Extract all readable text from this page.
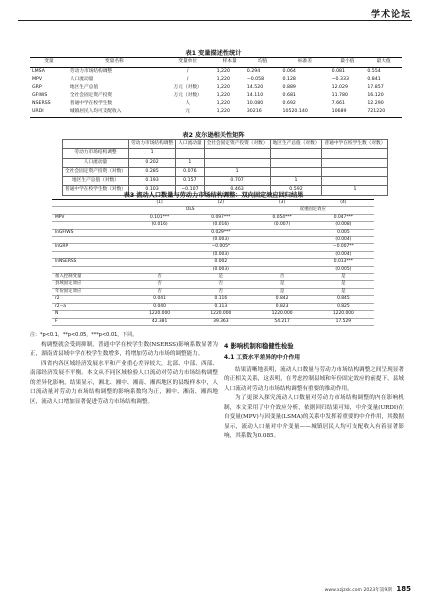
学术论坛
表1 变量描述性统计
变量	变量名称	变量单位	样本量	均值	标准差	最小值	最大值
LMSA	劳动力市场结构调整	/	1,220	0.294	0.064	0.081	0.554
MPV	人口流动量	/	1,220	−0.058	0.128	−0.333	0.841
GRP	地区生产总值	万元（对数）	1,220	14.520	0.889	12.029	17.857
GFIWS	全社会固定资产投资	万元（对数）	1,220	14.110	0.681	11.780	16.120
NSERSS	普通中学在校学生数	人	1,220	10.080	0.692	7.661	12.290
URDI	城镇居民人均可支配收入	元	1,220	30216	10520.140	10689	721220
表2 皮尔逊相关性矩阵
	劳动力市场结构调整	人口流动量	全社会固定资产投资（对数）	地区生产总值（对数）	普通中学在校学生数（对数）
劳动力市场结构调整	1				
人口流动量	0.202	1			
全社会固定资产投资（对数）	0.285	0.076	1		
地区生产总值（对数）	0.193	0.157	0.707	1	
普通中学在校学生数（对数）	0.103	−0.107	0.463	0.592	1
表3 流动人口数量与劳动力市场结构调整：双向固定效应回归结果
	(1)	(2)	(3)	(4)
	OLS		双重固定效应	
MPV	0.101***	0.097***	0.054***	0.047***
	(0.016)	(0.016)	(0.007)	(0.008)
lnGFIWS		0.029***		0.005
		(0.003)		(0.004)
lnGRP		−0.005*		−0.007**
		(0.003)		(0.004)
lnNSERSS		0.002		0.013***
		(0.003)		(0.005)
加入控制变量	否	是	否	是
县域固定效应	否	否	是	是
年份固定效应	否	否	是	是
r2	0.041	0.116	0.842	0.845
r2−a	0.040	0.113	0.823	0.825
N	1220.000	1220.000	1220.000	1220.000
F	42.381	39.363	54.217	17.529
注：*p<0.1，**p<0.05，***p<0.01，下同。

构调整就会受到抑制，普通中学在校学生数(NSERSS)影响系数显著为正，湖南省县域中学在校学生数增多，将增加劳动力市场的调整能力。

四省内各区域经济发展水平和产业重心差异较大，北部、中部、西部、南部经济发展不平衡。本文从不同区域检验人口流动对劳动力市场结构调整的差异化影响，结果显示，湘北、湘中、湘南、湘西地区的县级样本中，人口流动量对劳动力市场结构调整的影响系数均为正，湘中、湘南、湘西地区，流动人口增加显著促进劳动力市场结构调整。

4 影响机制和稳健性检验
4.1 工资水平差异的中介作用

结果清晰地表明，流动人口数量与劳动力市场结构调整之间呈现显著的正相关关系，这表明，在考虑控制县域和年份固定效应的前提下，县域人口流动对劳动力市场结构调整有重要的推动作用。

为了更深入探究流动人口数量对劳动力市场结构调整的内在影响机制，本文采用了中介效应分析，依据回归结果可知，中介变量(URDI)在自变量(MPV)与因变量(LSMA)的关系中发挥着重要的中介作用，其数据显示，流动人口量对中介变量——城镇居民人均可支配收入有着显著影响，其系数为0.085。

www.xzjzsk.com 2023年第9期 185
